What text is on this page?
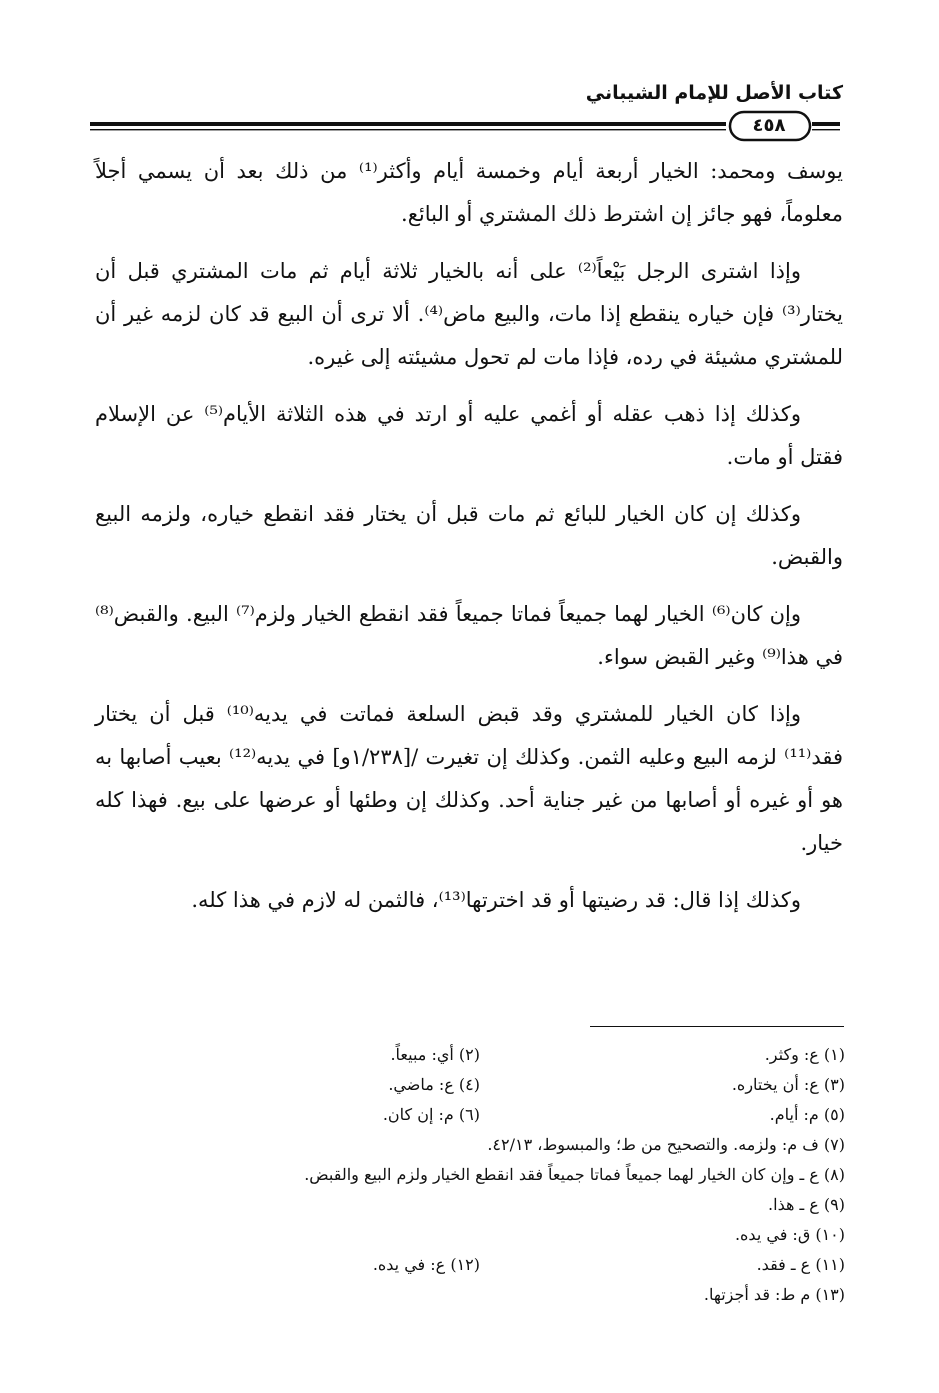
كتاب الأصل للإمام الشيباني
٤٥٨

يوسف ومحمد: الخيار أربعة أيام وخمسة أيام وأكثر⁽¹⁾ من ذلك بعد أن يسمي أجلاً معلوماً، فهو جائز إن اشترط ذلك المشتري أو البائع.

وإذا اشترى الرجل بَيْعاً⁽²⁾ على أنه بالخيار ثلاثة أيام ثم مات المشتري قبل أن يختار⁽³⁾ فإن خياره ينقطع إذا مات، والبيع ماض⁽⁴⁾. ألا ترى أن البيع قد كان لزمه غير أن للمشتري مشيئة في رده، فإذا مات لم تحول مشيئته إلى غيره.

وكذلك إذا ذهب عقله أو أغمي عليه أو ارتد في هذه الثلاثة الأيام⁽⁵⁾ عن الإسلام فقتل أو مات.

وكذلك إن كان الخيار للبائع ثم مات قبل أن يختار فقد انقطع خياره، ولزمه البيع والقبض.

وإن كان⁽⁶⁾ الخيار لهما جميعاً فماتا جميعاً فقد انقطع الخيار ولزم⁽⁷⁾ البيع. والقبض⁽⁸⁾ في هذا⁽⁹⁾ وغير القبض سواء.

وإذا كان الخيار للمشتري وقد قبض السلعة فماتت في يديه⁽¹⁰⁾ قبل أن يختار فقد⁽¹¹⁾ لزمه البيع وعليه الثمن. وكذلك إن تغيرت /[١/٢٣٨و] في يديه⁽¹²⁾ بعيب أصابها به هو أو غيره أو أصابها من غير جناية أحد. وكذلك إن وطئها أو عرضها على بيع. فهذا كله خيار.

وكذلك إذا قال: قد رضيتها أو قد اخترتها⁽¹³⁾، فالثمن له لازم في هذا كله.

(١) ع: وكثر.
(٢) أي: مبيعاً.
(٣) ع: أن يختاره.
(٤) ع: ماضي.
(٥) م: أيام.
(٦) م: إن كان.
(٧) ف م: ولزمه. والتصحيح من ط؛ والمبسوط، ٤٢/١٣.
(٨) ع ـ وإن كان الخيار لهما جميعاً فماتا جميعاً فقد انقطع الخيار ولزم البيع والقبض.
(٩) ع ـ هذا.
(١٠) ق: في يده.
(١١) ع ـ فقد.
(١٢) ع: في يده.
(١٣) م ط: قد أجزتها.
